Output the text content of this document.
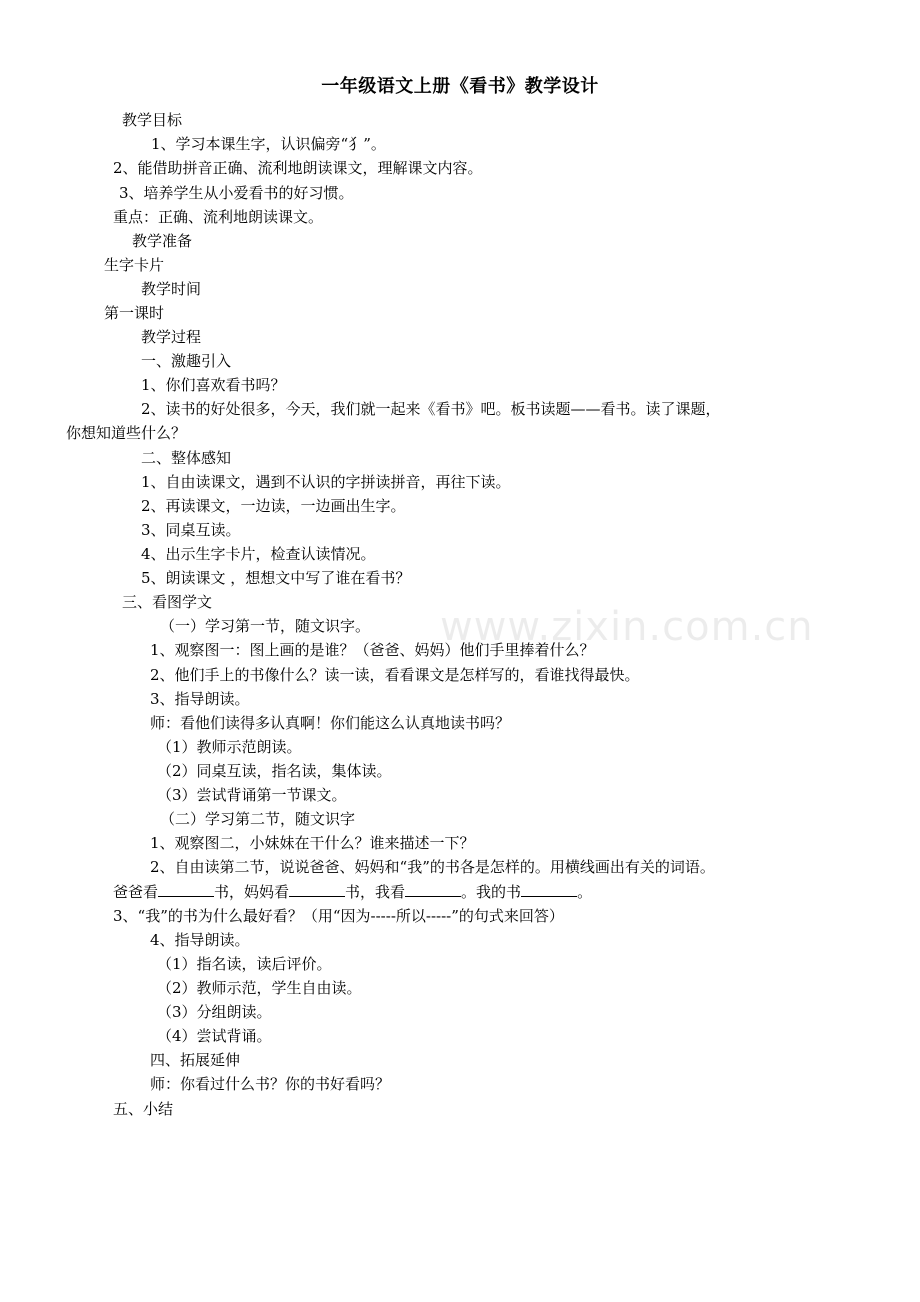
www.zixin.com.cn
一年级语文上册《看书》教学设计
教学目标
1、学习本课生字，认识偏旁“犭”。
2、能借助拼音正确、流利地朗读课文，理解课文内容。
3、培养学生从小爱看书的好习惯。
重点：正确、流利地朗读课文。
教学准备
生字卡片
教学时间
第一课时
教学过程
一、激趣引入
1、你们喜欢看书吗？
2、读书的好处很多，今天，我们就一起来《看书》吧。板书读题——看书。读了课题，
你想知道些什么？
二、整体感知
1、自由读课文，遇到不认识的字拼读拼音，再往下读。
2、再读课文，一边读，一边画出生字。
3、同桌互读。
4、出示生字卡片，检查认读情况。
5、朗读课文 ，想想文中写了谁在看书？
三、看图学文
（一）学习第一节，随文识字。
1、观察图一：图上画的是谁？（爸爸、妈妈）他们手里捧着什么？
2、他们手上的书像什么？读一读，看看课文是怎样写的，看谁找得最快。
3、指导朗读。
师：看他们读得多认真啊！你们能这么认真地读书吗？
（1）教师示范朗读。
（2）同桌互读，指名读，集体读。
（3）尝试背诵第一节课文。
（二）学习第二节，随文识字
1、观察图二，小妹妹在干什么？谁来描述一下？
2、自由读第二节，说说爸爸、妈妈和“我”的书各是怎样的。用横线画出有关的词语。
爸爸看	书，妈妈看	书，我看	。我的书	。
3、“我”的书为什么最好看？（用“因为-----所以-----”的句式来回答）
4、指导朗读。
（1）指名读，读后评价。
（2）教师示范，学生自由读。
（3）分组朗读。
（4）尝试背诵。
四、拓展延伸
师：你看过什么书？你的书好看吗？
五、小结
